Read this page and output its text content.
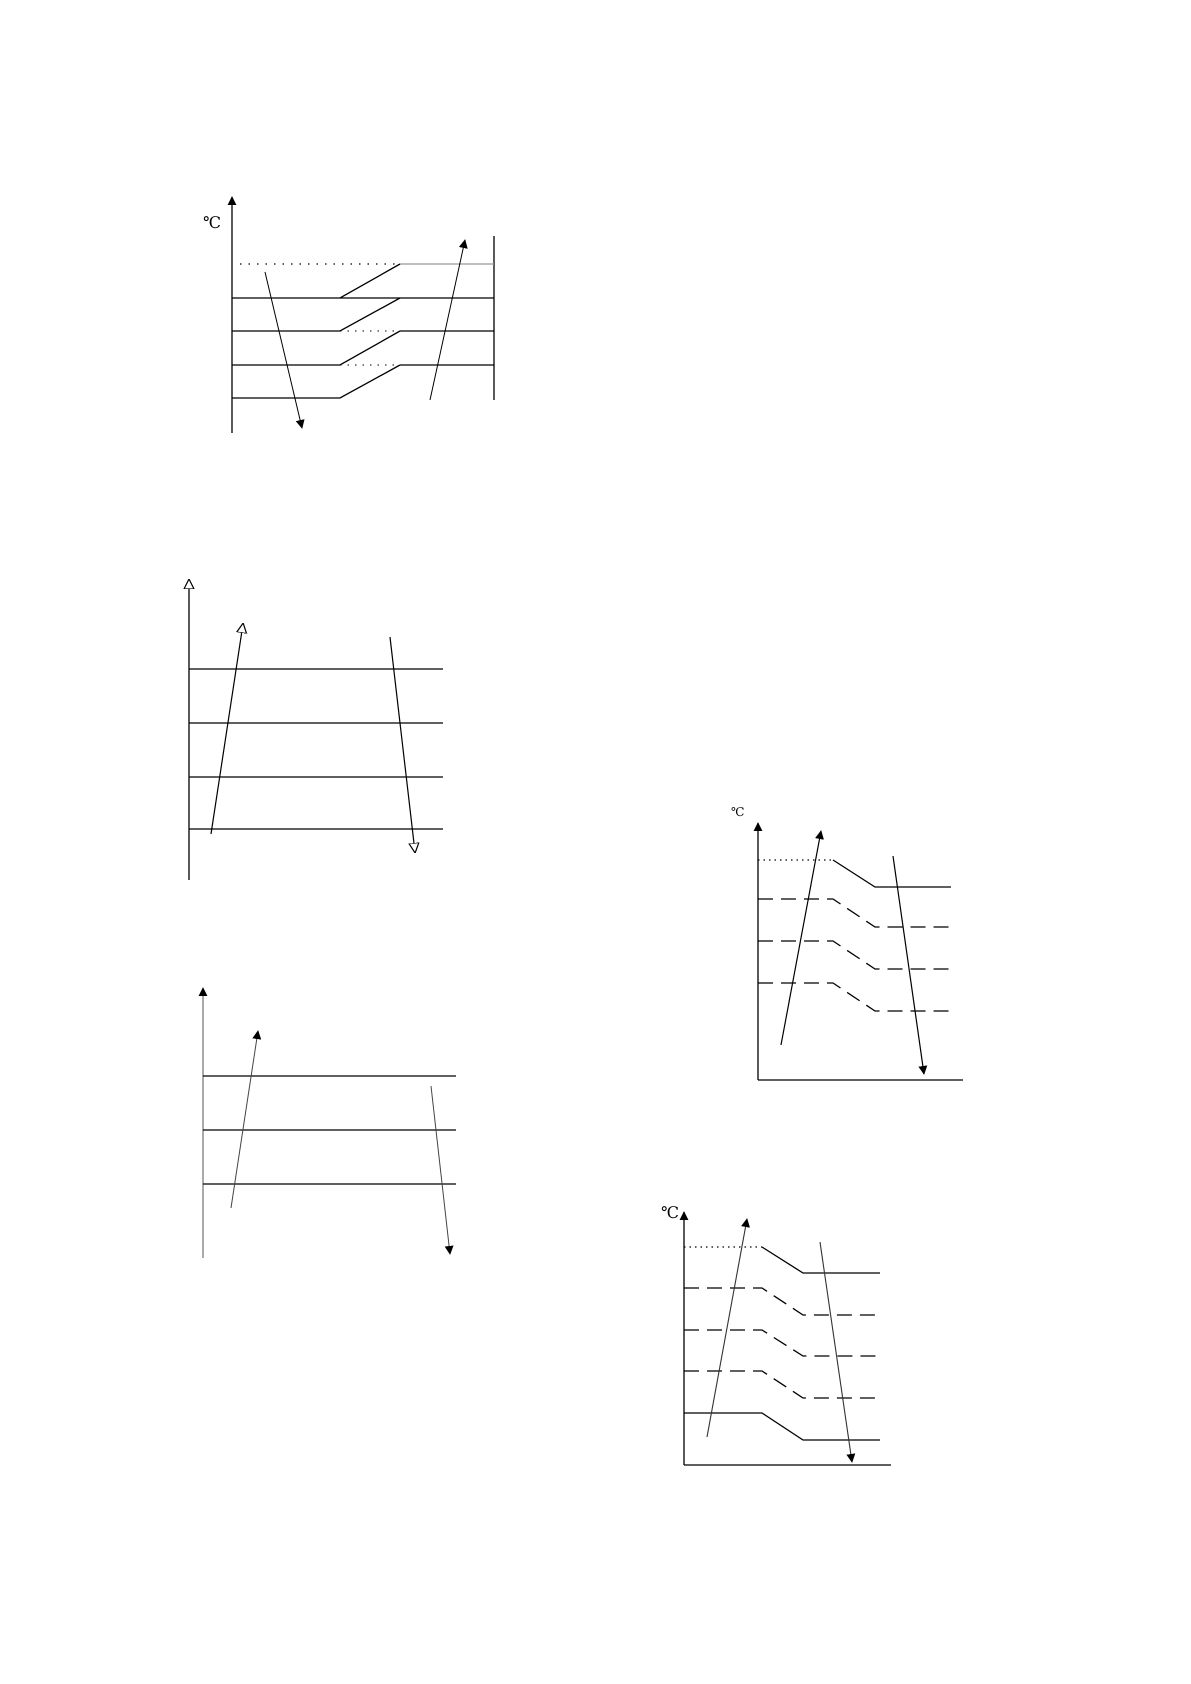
℃
℃
℃
